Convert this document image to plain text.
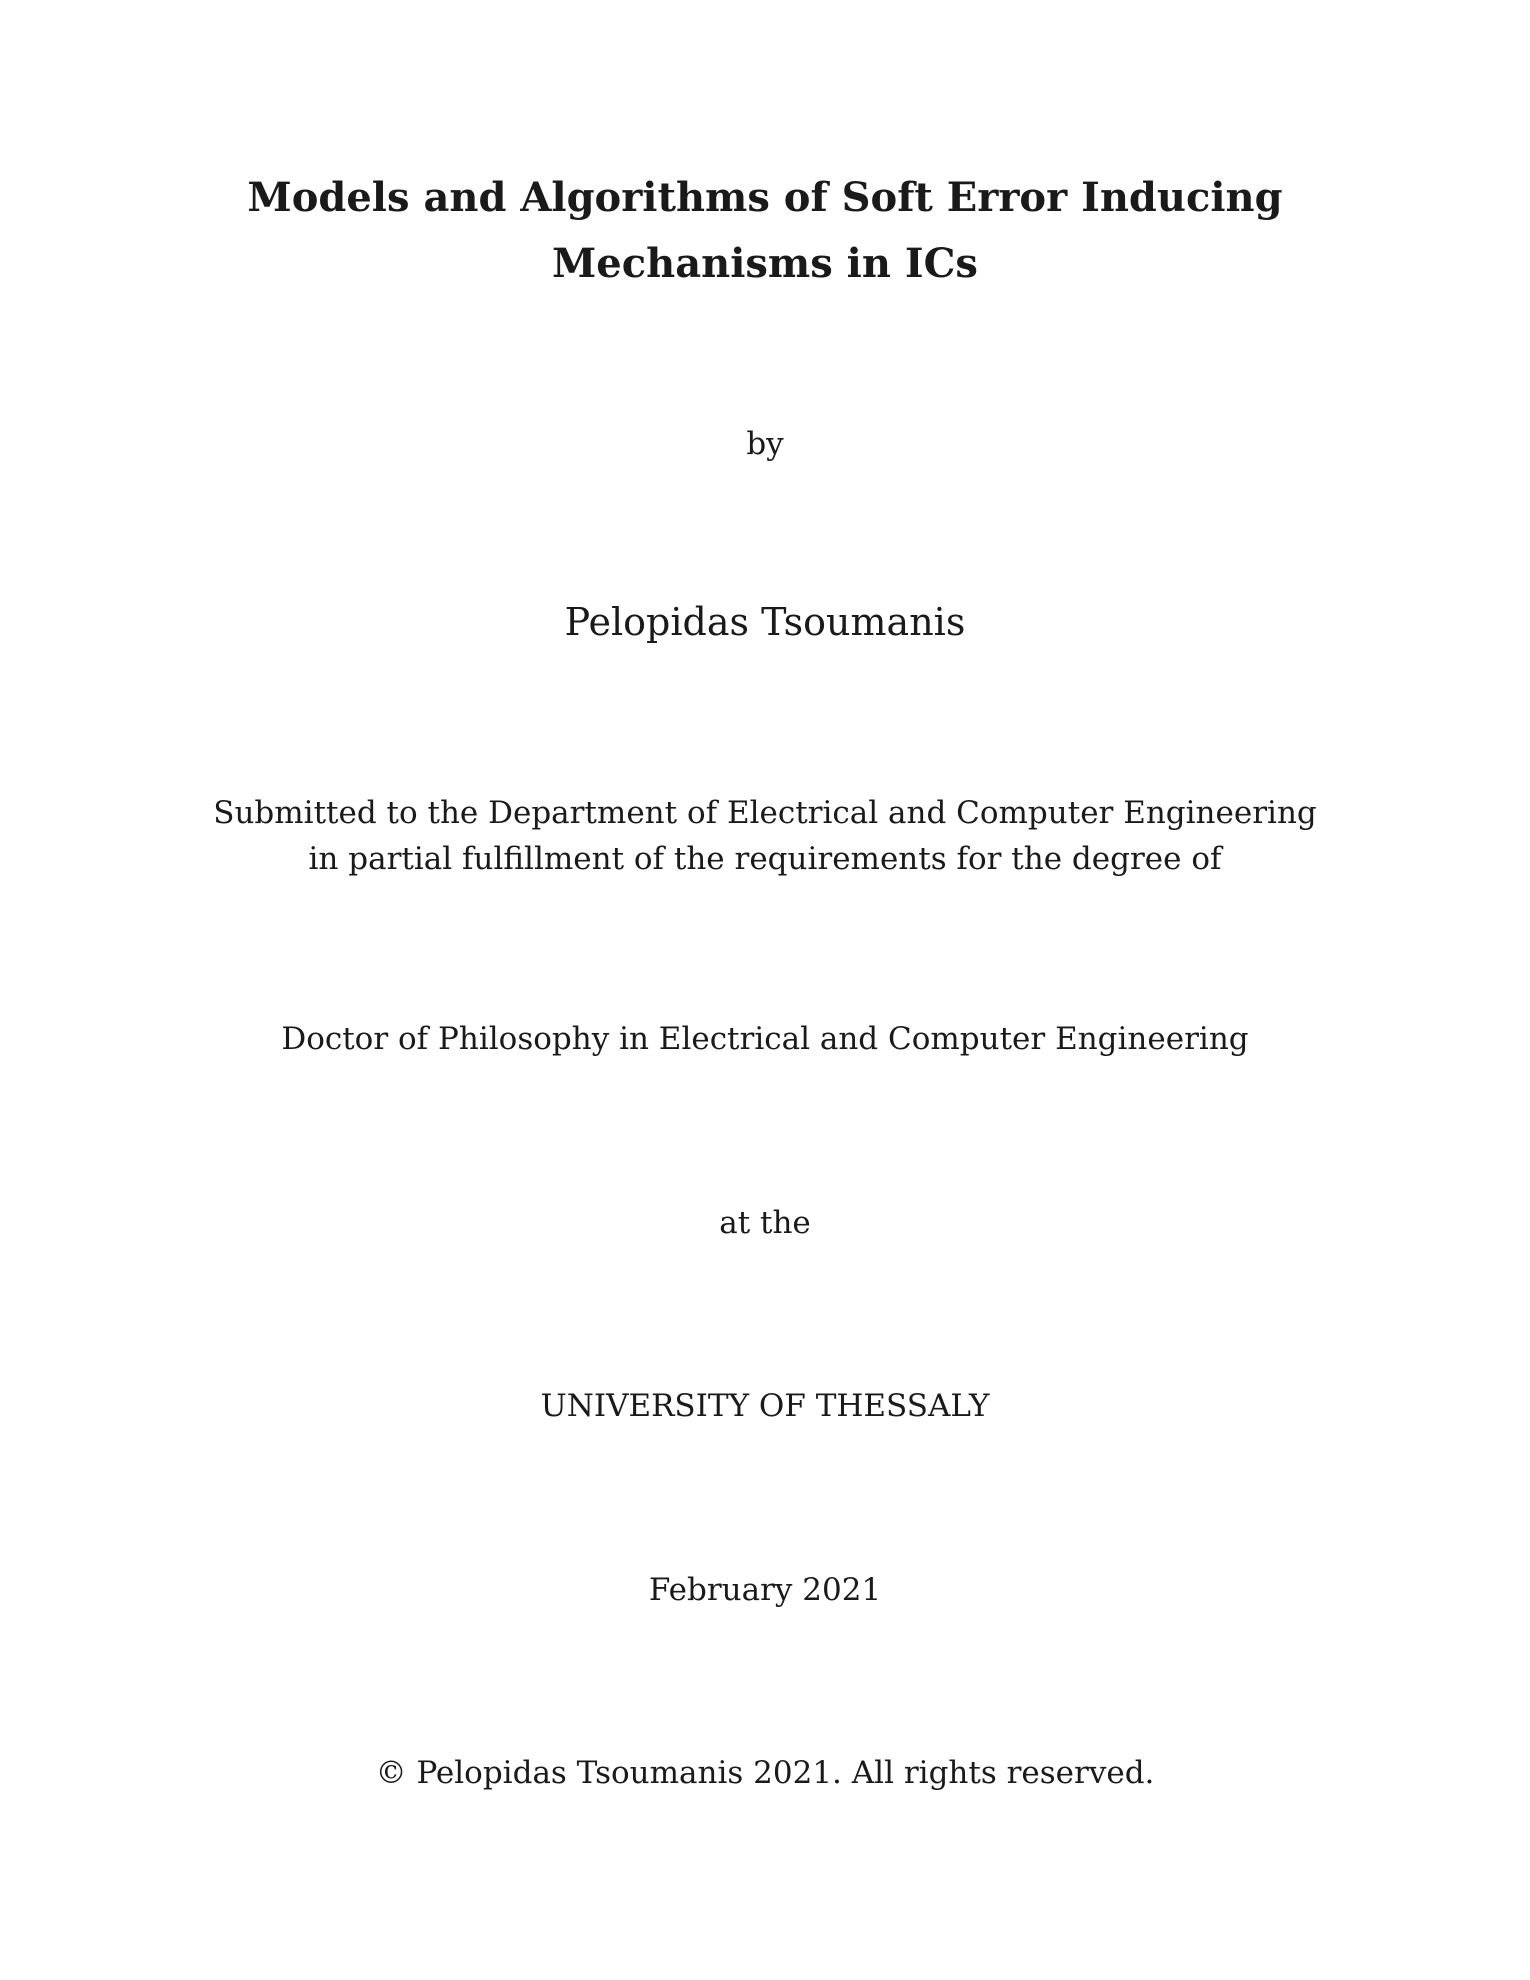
Models and Algorithms of Soft Error Inducing
Mechanisms in ICs

by

Pelopidas Tsoumanis

Submitted to the Department of Electrical and Computer Engineering
in partial fulfillment of the requirements for the degree of

Doctor of Philosophy in Electrical and Computer Engineering

at the

UNIVERSITY OF THESSALY

February 2021

© Pelopidas Tsoumanis 2021. All rights reserved.
